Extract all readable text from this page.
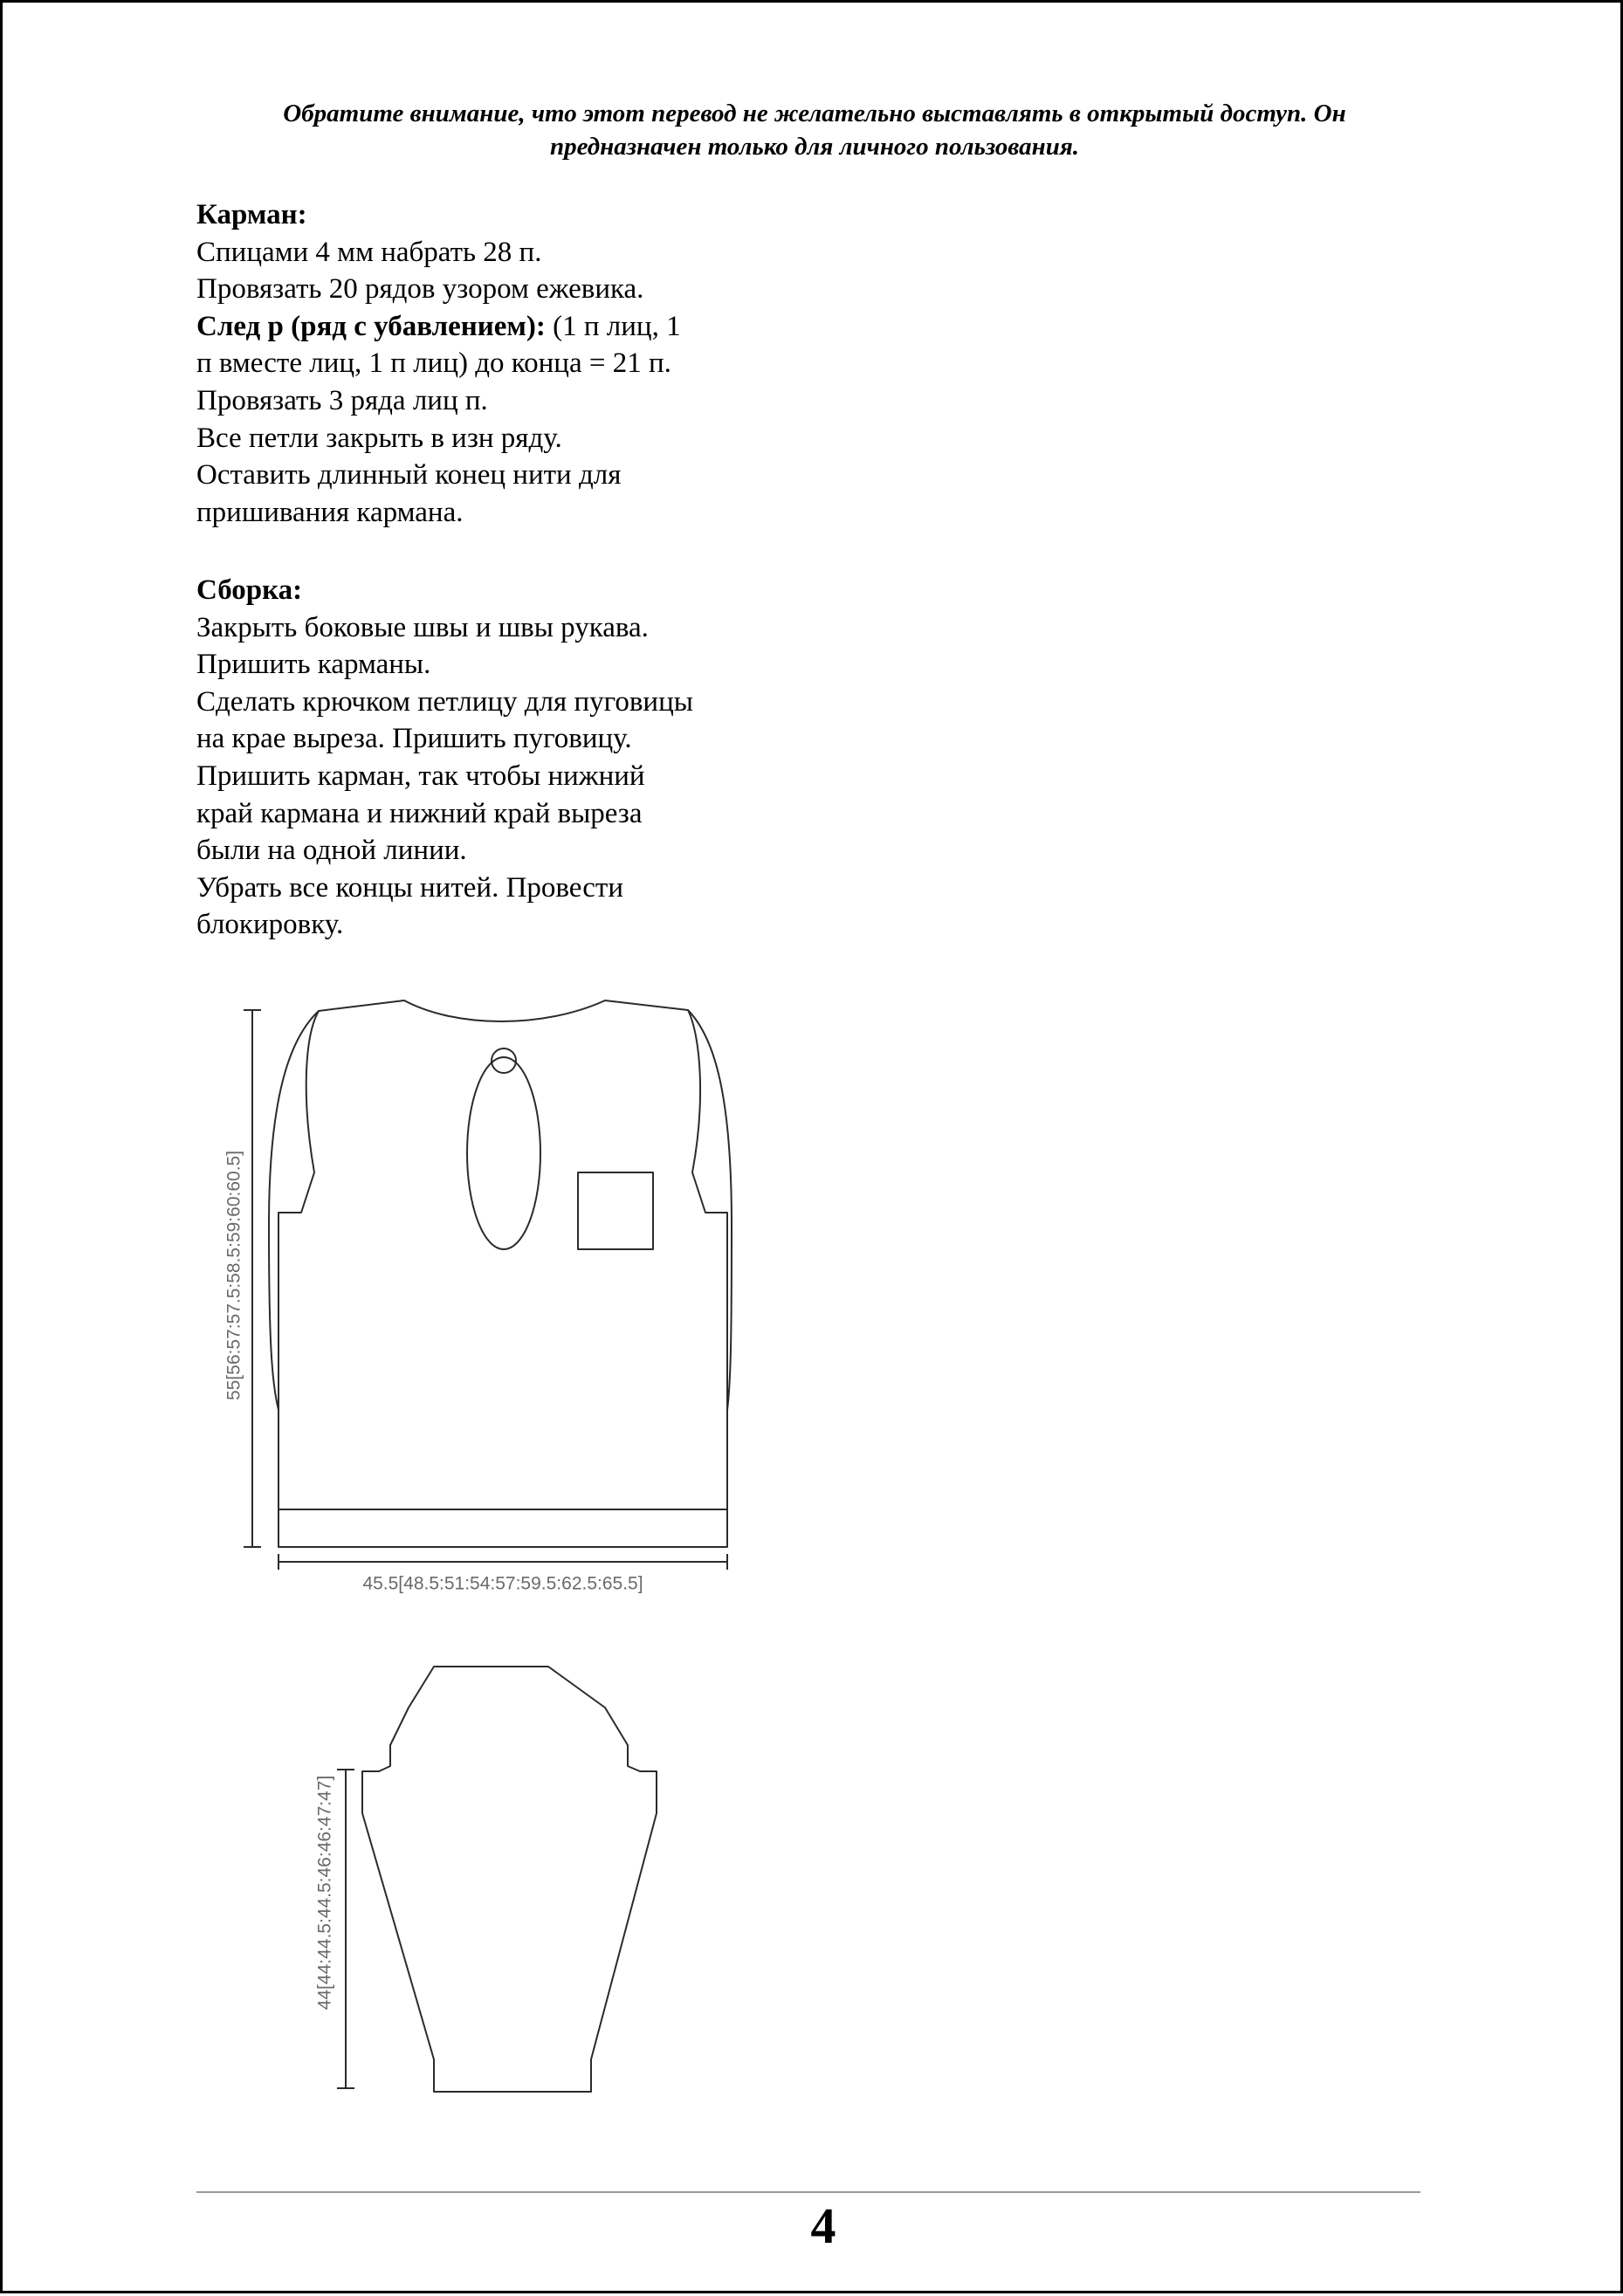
Обратите внимание, что этот перевод не желательно выставлять в открытый доступ. Он
предназначен только для личного пользования.

Карман:

Спицами 4 мм набрать 28 п.

Провязать 20 рядов узором ежевика.

След р (ряд с убавлением): (1 п лиц, 1

п вместе лиц, 1 п лиц) до конца = 21 п.

Провязать 3 ряда лиц п.

Все петли закрыть в изн ряду.

Оставить длинный конец нити для

пришивания кармана.

Сборка:

Закрыть боковые швы и швы рукава.

Пришить карманы.

Сделать крючком петлицу для пуговицы

на крае выреза. Пришить пуговицу.

Пришить карман, так чтобы нижний

край кармана и нижний край выреза

были на одной линии.

Убрать все концы нитей. Провести

блокировку.

55[56:57:57.5:58.5:59:60:60.5]
45.5[48.5:51:54:57:59.5:62.5:65.5]
44[44:44.5:44.5:46:46:47:47]
4
